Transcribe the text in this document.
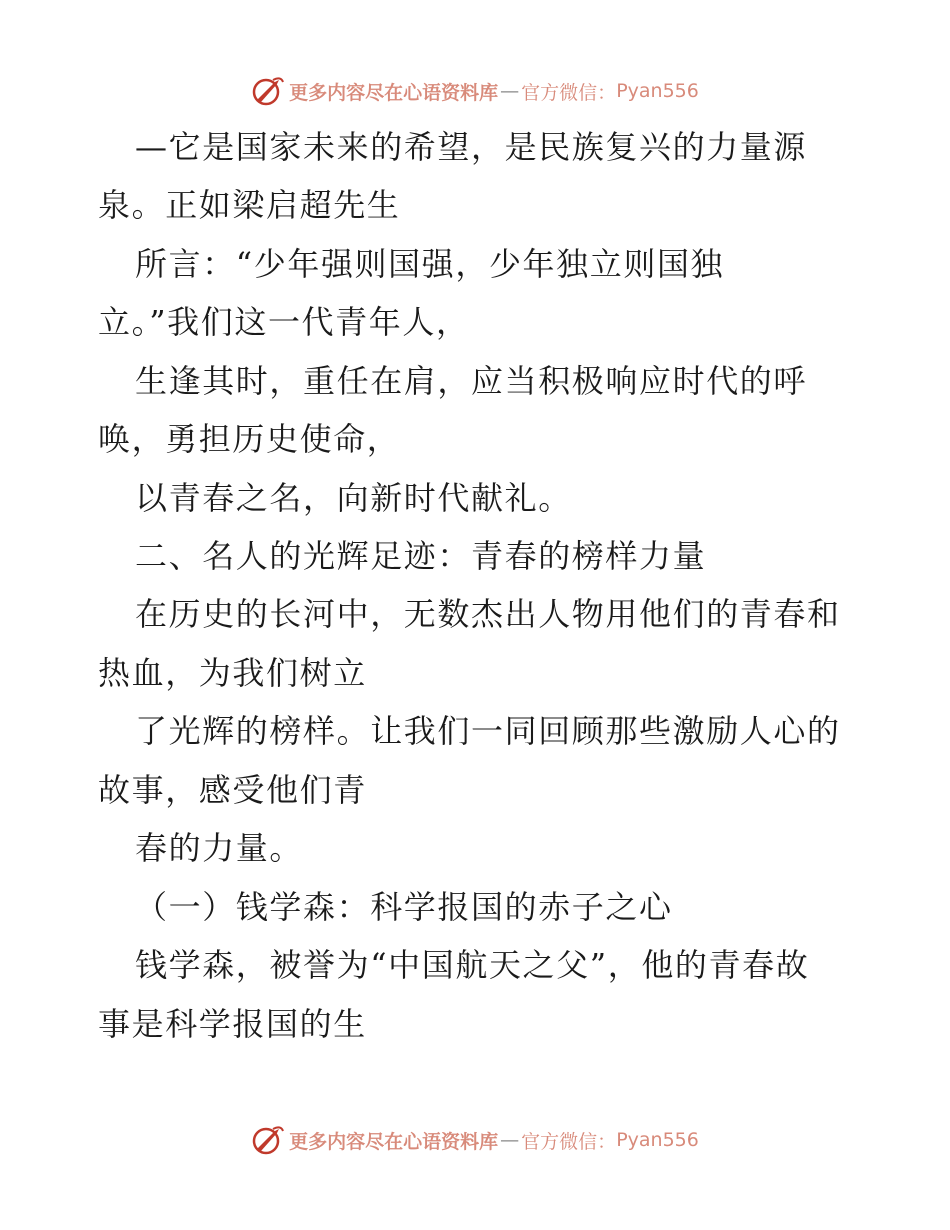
更多内容尽在心语资料库 — 官方微信： Pyan556
—它是国家未来的希望，是民族复兴的力量源
泉。正如梁启超先生
所言：“少年强则国强，少年独立则国独
立。”我们这一代青年人，
生逢其时，重任在肩，应当积极响应时代的呼
唤，勇担历史使命，
以青春之名，向新时代献礼。
二、名人的光辉足迹：青春的榜样力量
在历史的长河中，无数杰出人物用他们的青春和
热血，为我们树立
了光辉的榜样。让我们一同回顾那些激励人心的
故事，感受他们青
春的力量。
（一）钱学森：科学报国的赤子之心
钱学森，被誉为“中国航天之父”，他的青春故
事是科学报国的生
更多内容尽在心语资料库 — 官方微信： Pyan556
